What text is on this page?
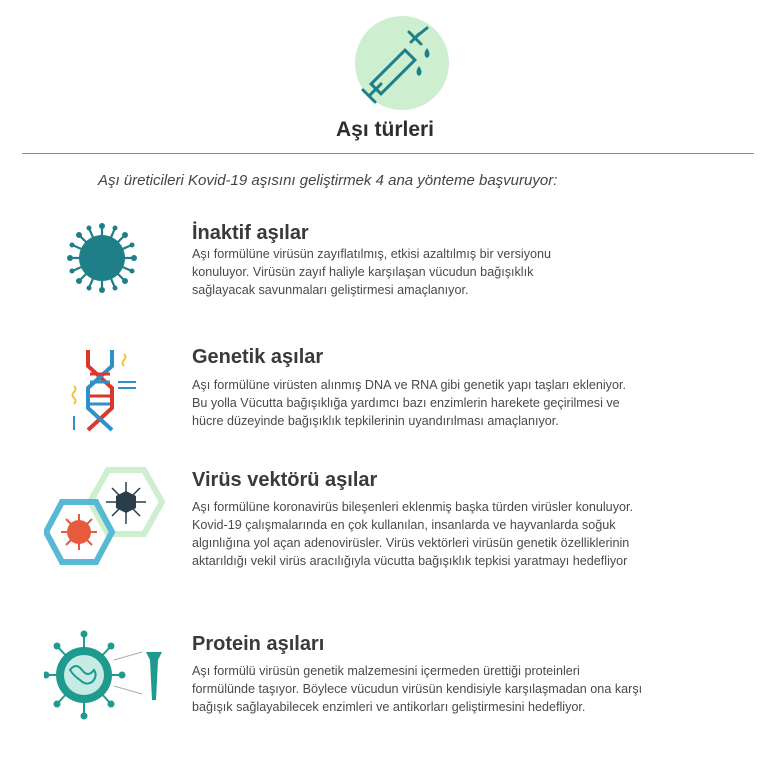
Aşı türleri
Aşı üreticileri Kovid-19 aşısını geliştirmek 4 ana yönteme başvuruyor:
İnaktif aşılar
Aşı formülüne virüsün zayıflatılmış, etkisi azaltılmış bir versiyonu
konuluyor. Virüsün zayıf haliyle karşılaşan vücudun bağışıklık
sağlayacak savunmaları geliştirmesi amaçlanıyor.
Genetik aşılar
Aşı formülüne virüsten alınmış DNA ve RNA gibi genetik yapı taşları ekleniyor.
Bu yolla Vücutta bağışıklığa yardımcı bazı enzimlerin harekete geçirilmesi ve
hücre düzeyinde bağışıklık tepkilerinin uyandırılması amaçlanıyor.
Virüs vektörü aşılar
Aşı formülüne koronavirüs bileşenleri eklenmiş başka türden virüsler konuluyor.
Kovid-19 çalışmalarında en çok kullanılan, insanlarda ve hayvanlarda soğuk
algınlığına yol açan adenovirüsler. Virüs vektörleri virüsün genetik özelliklerinin
aktarıldığı vekil virüs aracılığıyla vücutta bağışıklık tepkisi yaratmayı hedefliyor
Protein aşıları
Aşı formülü virüsün genetik malzemesini içermeden ürettiği proteinleri
formülünde taşıyor. Böylece vücudun virüsün kendisiyle karşılaşmadan ona karşı
bağışık sağlayabilecek enzimleri ve antikorları geliştirmesini hedefliyor.
